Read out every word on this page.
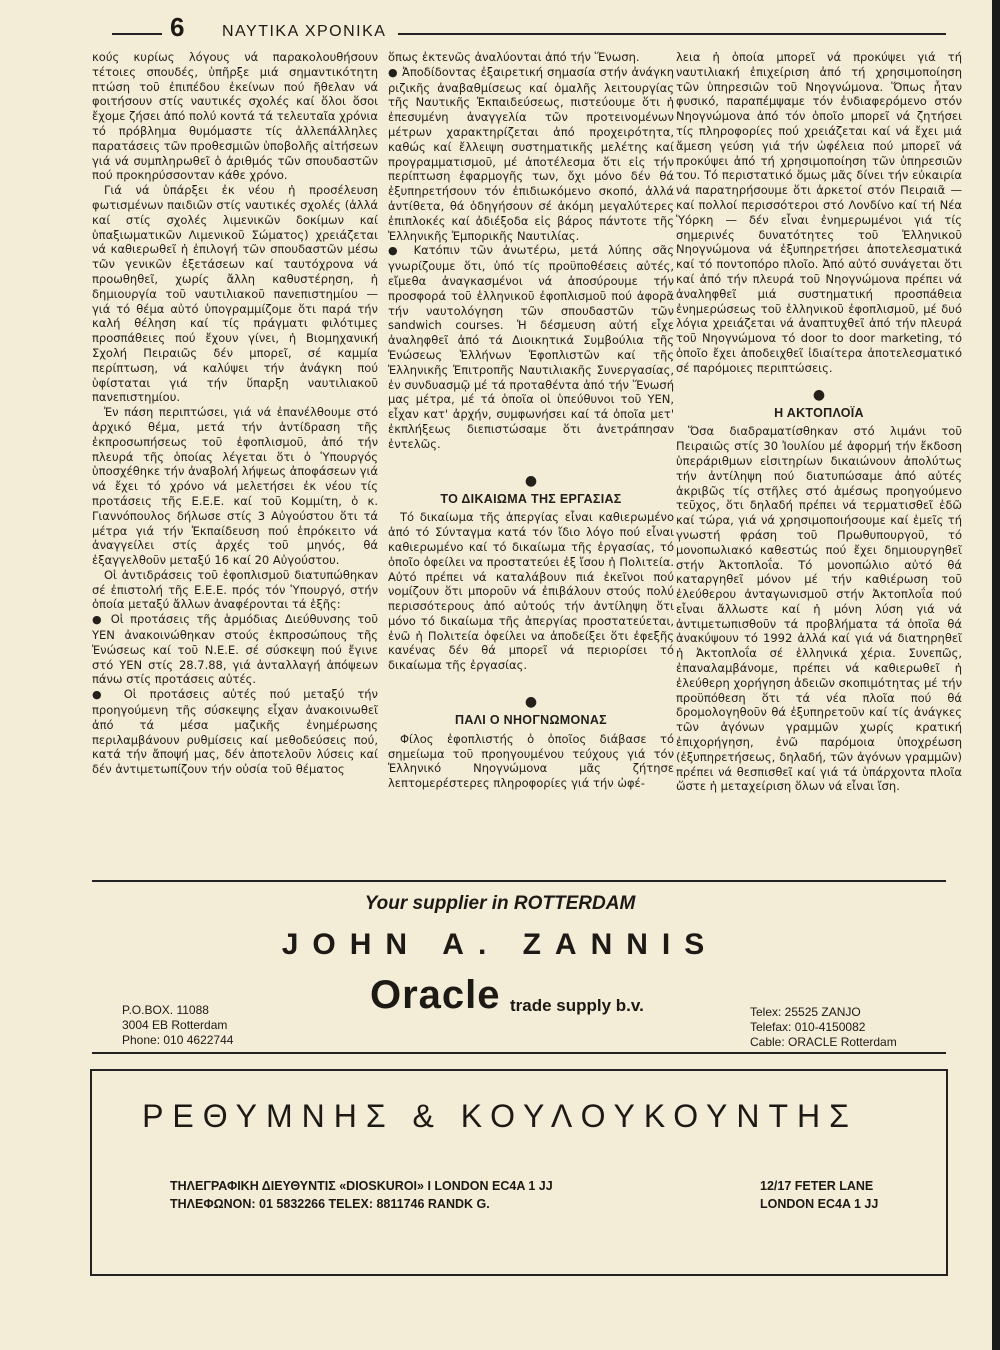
6 ΝΑΥΤΙΚΑ ΧΡΟΝΙΚΑ

κούς κυρίως λόγους νά παρακολουθήσουν τέτοιες σπουδές, ὑπῆρξε μιά σημαντικότητη πτώση τοῦ ἐπιπέδου ἐκείνων πού ἤθελαν νά φοιτήσουν στίς ναυτικές σχολές καί ὅλοι ὅσοι ἔχομε ζήσει ἀπό πολύ κοντά τά τελευταῖα χρόνια τό πρόβλημα θυμόμαστε τίς ἀλλεπάλληλες παρατάσεις τῶν προθεσμιῶν ὑποβολῆς αἰτήσεων γιά νά συμπληρωθεῖ ὁ ἀριθμός τῶν σπουδαστῶν πού προκηρύσσονταν κάθε χρόνο.

Γιά νά ὑπάρξει ἐκ νέου ἡ προσέλευση φωτισμένων παιδιῶν στίς ναυτικές σχολές (ἀλλά καί στίς σχολές λιμενικῶν δοκίμων καί ὑπαξιωματικῶν Λιμενικοῦ Σώματος) χρειάζεται νά καθιερωθεῖ ἡ ἐπιλογή τῶν σπουδαστῶν μέσω τῶν γενικῶν ἐξετάσεων καί ταυτόχρονα νά προωθηθεῖ, χωρίς ἄλλη καθυστέρηση, ἡ δημιουργία τοῦ ναυτιλιακοῦ πανεπιστημίου — γιά τό θέμα αὐτό ὑπογραμμίζομε ὅτι παρά τήν καλή θέληση καί τίς πράγματι φιλότιμες προσπάθειες πού ἔχουν γίνει, ἡ Βιομηχανική Σχολή Πειραιῶς δέν μπορεῖ, σέ καμμία περίπτωση, νά καλύψει τήν ἀνάγκη πού ὑφίσταται γιά τήν ὕπαρξη ναυτιλιακοῦ πανεπιστημίου.

Ἐν πάση περιπτώσει, γιά νά ἐπανέλθουμε στό ἀρχικό θέμα, μετά τήν ἀντίδραση τῆς ἐκπροσωπήσεως τοῦ ἐφοπλισμοῦ, ἀπό τήν πλευρά τῆς ὁποίας λέγεται ὅτι ὁ Ὑπουργός ὑποσχέθηκε τήν ἀναβολή λήψεως ἀποφάσεων γιά νά ἔχει τό χρόνο νά μελετήσει ἐκ νέου τίς προτάσεις τῆς Ε.Ε.Ε. καί τοῦ Κομμίτη, ὁ κ. Γιαννόπουλος δήλωσε στίς 3 Αὐγούστου ὅτι τά μέτρα γιά τήν Ἐκπαίδευση πού ἐπρόκειτο νά ἀναγγείλει στίς ἀρχές τοῦ μηνός, θά ἐξαγγελθοῦν μεταξύ 16 καί 20 Αὐγούστου.

Οἱ ἀντιδράσεις τοῦ ἐφοπλισμοῦ διατυπώθηκαν σέ ἐπιστολή τῆς Ε.Ε.Ε. πρός τόν Ὑπουργό, στήν ὁποία μεταξύ ἄλλων ἀναφέρονται τά ἑξῆς:

● Οἱ προτάσεις τῆς ἁρμόδιας Διεύθυνσης τοῦ ΥΕΝ ἀνακοινώθηκαν στούς ἐκπροσώπους τῆς Ἑνώσεως καί τοῦ Ν.Ε.Ε. σέ σύσκεψη πού ἔγινε στό ΥΕΝ στίς 28.7.88, γιά ἀνταλλαγή ἀπόψεων πάνω στίς προτάσεις αὐτές.

● Οἱ προτάσεις αὐτές πού μεταξύ τήν προηγούμενη τῆς σύσκεψης εἶχαν ἀνακοινωθεῖ ἀπό τά μέσα μαζικῆς ἐνημέρωσης περιλαμβάνουν ρυθμίσεις καί μεθοδεύσεις πού, κατά τήν ἄποψή μας, δέν ἀποτελοῦν λύσεις καί δέν ἀντιμετωπίζουν τήν οὐσία τοῦ θέματος

ὅπως ἐκτενῶς ἀναλύονται ἀπό τήν Ἕνωση.

● Ἀποδίδοντας ἐξαιρετική σημασία στήν ἀνάγκη ριζικῆς ἀναβαθμίσεως καί ὁμαλῆς λειτουργίας τῆς Ναυτικῆς Ἐκπαιδεύσεως, πιστεύουμε ὅτι ἡ ἐπεσυμένη ἀναγγελία τῶν προτεινομένων μέτρων χαρακτηρίζεται ἀπό προχειρότητα, καθώς καί ἔλλειψη συστηματικῆς μελέτης καί προγραμματισμοῦ, μέ ἀποτέλεσμα ὅτι εἰς τήν περίπτωση ἐφαρμογῆς των, ὄχι μόνο δέν θά ἐξυπηρετήσουν τόν ἐπιδιωκόμενο σκοπό, ἀλλά ἀντίθετα, θά ὁδηγήσουν σέ ἀκόμη μεγαλύτερες ἐπιπλοκές καί ἀδιέξοδα εἰς βάρος πάντοτε τῆς Ἑλληνικῆς Ἐμπορικῆς Ναυτιλίας.

● Κατόπιν τῶν ἀνωτέρω, μετά λύπης σᾶς γνωρίζουμε ὅτι, ὑπό τίς προϋποθέσεις αὐτές, εἴμεθα ἀναγκασμένοι νά ἀποσύρουμε τήν προσφορά τοῦ ἑλληνικοῦ ἐφοπλισμοῦ πού ἀφορᾶ τήν ναυτολόγηση τῶν σπουδαστῶν τῶν sandwich courses. Ἡ δέσμευση αὐτή εἶχε ἀναληφθεῖ ἀπό τά Διοικητικά Συμβούλια τῆς Ἑνώσεως Ἑλλήνων Ἐφοπλιστῶν καί τῆς Ἑλληνικῆς Ἐπιτροπῆς Ναυτιλιακῆς Συνεργασίας, ἐν συνδυασμῷ μέ τά προταθέντα ἀπό τήν Ἕνωσή μας μέτρα, μέ τά ὁποῖα οἱ ὑπεύθυνοι τοῦ ΥΕΝ, εἶχαν κατ' ἀρχήν, συμφωνήσει καί τά ὁποῖα μετ' ἐκπλήξεως διεπιστώσαμε ὅτι ἀνετράπησαν ἐντελῶς.

●
ΤΟ ΔΙΚΑΙΩΜΑ ΤΗΣ ΕΡΓΑΣΙΑΣ

Τό δικαίωμα τῆς ἀπεργίας εἶναι καθιερωμένο ἀπό τό Σύνταγμα κατά τόν ἴδιο λόγο πού εἶναι καθιερωμένο καί τό δικαίωμα τῆς ἐργασίας, τό ὁποῖο ὀφείλει να προστατεύει ἐξ ἴσου ἡ Πολιτεία. Αὐτό πρέπει νά καταλάβουν πιά ἐκεῖνοι πού νομίζουν ὅτι μποροῦν νά ἐπιβάλουν στούς πολύ περισσότερους ἀπό αὐτούς τήν ἀντίληψη ὅτι μόνο τό δικαίωμα τῆς ἀπεργίας προστατεύεται, ἐνῶ ἡ Πολιτεία ὀφείλει να ἀποδείξει ὅτι ἐφεξῆς κανένας δέν θά μπορεῖ νά περιορίσει τό δικαίωμα τῆς ἐργασίας.

●
ΠΑΛΙ Ο ΝΗΟΓΝΩΜΟΝΑΣ

Φίλος ἐφοπλιστής ὁ ὁποῖος διάβασε τό σημείωμα τοῦ προηγουμένου τεύχους γιά τόν Ἑλληνικό Νηογνώμονα μᾶς ζήτησε λεπτομερέστερες πληροφορίες γιά τήν ὠφέ-

λεια ἡ ὁποία μπορεῖ νά προκύψει γιά τή ναυτιλιακή ἐπιχείριση ἀπό τή χρησιμοποίηση τῶν ὑπηρεσιῶν τοῦ Νηογνώμονα. Ὅπως ἦταν φυσικό, παραπέμψαμε τόν ἐνδιαφερόμενο στόν Νηογνώμονα ἀπό τόν ὁποῖο μπορεῖ νά ζητήσει τίς πληροφορίες πού χρειάζεται καί νά ἔχει μιά ἄμεση γεύση γιά τήν ὠφέλεια πού μπορεῖ νά προκύψει ἀπό τή χρησιμοποίηση τῶν ὑπηρεσιῶν του. Τό περιστατικό ὅμως μᾶς δίνει τήν εὐκαιρία νά παρατηρήσουμε ὅτι ἀρκετοί στόν Πειραιᾶ — καί πολλοί περισσότεροι στό Λονδίνο καί τή Νέα Ὑόρκη — δέν εἶναι ἐνημερωμένοι γιά τίς σημερινές δυνατότητες τοῦ Ἑλληνικοῦ Νηογνώμονα νά ἐξυπηρετήσει ἀποτελεσματικά καί τό ποντοπόρο πλοῖο. Ἀπό αὐτό συνάγεται ὅτι καί ἀπό τήν πλευρά τοῦ Νηογνώμονα πρέπει νά ἀναληφθεῖ μιά συστηματική προσπάθεια ἐνημερώσεως τοῦ ἑλληνικοῦ ἐφοπλισμοῦ, μέ δυό λόγια χρειάζεται νά ἀναπτυχθεῖ ἀπό τήν πλευρά τοῦ Νηογνώμονα τό door to door marketing, τό ὁποῖο ἔχει ἀποδειχθεῖ ἰδιαίτερα ἀποτελεσματικό σέ παρόμοιες περιπτώσεις.

●
Η ΑΚΤΟΠΛΟΪΑ

Ὅσα διαδραματίσθηκαν στό λιμάνι τοῦ Πειραιῶς στίς 30 Ἰουλίου μέ ἀφορμή τήν ἔκδοση ὑπεράριθμων εἰσιτηρίων δικαιώνουν ἀπολύτως τήν ἀντίληψη πού διατυπώσαμε ἀπό αὐτές ἀκριβῶς τίς στῆλες στό ἀμέσως προηγούμενο τεῦχος, ὅτι δηλαδή πρέπει νά τερματισθεῖ ἐδῶ καί τώρα, γιά νά χρησιμοποιήσουμε καί ἐμεῖς τή γνωστή φράση τοῦ Πρωθυπουργοῦ, τό μονοπωλιακό καθεστώς πού ἔχει δημιουργηθεῖ στήν Ἀκτοπλοΐα. Τό μονοπώλιο αὐτό θά καταργηθεῖ μόνον μέ τήν καθιέρωση τοῦ ἐλεύθερου ἀνταγωνισμοῦ στήν Ἀκτοπλοΐα πού εἶναι ἄλλωστε καί ἡ μόνη λύση γιά νά ἀντιμετωπισθοῦν τά προβλήματα τά ὁποῖα θά ἀνακύψουν τό 1992 ἀλλά καί γιά νά διατηρηθεῖ ἡ Ἀκτοπλοΐα σέ ἑλληνικά χέρια. Συνεπῶς, ἐπαναλαμβάνομε, πρέπει νά καθιερωθεῖ ἡ ἐλεύθερη χορήγηση ἀδειῶν σκοπιμότητας μέ τήν προϋπόθεση ὅτι τά νέα πλοῖα πού θά δρομολογηθοῦν θά ἐξυπηρετοῦν καί τίς ἀνάγκες τῶν ἀγόνων γραμμῶν χωρίς κρατική ἐπιχορήγηση, ἐνῶ παρόμοια ὑποχρέωση (ἐξυπηρετήσεως, δηλαδή, τῶν ἀγόνων γραμμῶν) πρέπει νά θεσπισθεῖ καί γιά τά ὑπάρχοντα πλοῖα ὥστε ἡ μεταχείριση ὅλων νά εἶναι ἴση.

Your supplier in ROTTERDAM
JOHN A. ZANNIS
Oracle trade supply b.v.
P.O.BOX. 11088
3004 EB Rotterdam
Phone: 010 4622744
Telex: 25525 ZANJO
Telefax: 010-4150082
Cable: ORACLE Rotterdam
ΡΕΘΥΜΝΗΣ & ΚΟΥΛΟΥΚΟΥΝΤΗΣ
ΤΗΛΕΓΡΑΦΙΚΗ ΔΙΕΥΘΥΝΤΙΣ «DIOSKUROI» I LONDON EC4A 1 JJ
ΤΗΛΕΦΩΝΟΝ: 01 5832266 TELEX: 8811746 RANDK G.
12/17 FETER LANE
LONDON EC4A 1 JJ
